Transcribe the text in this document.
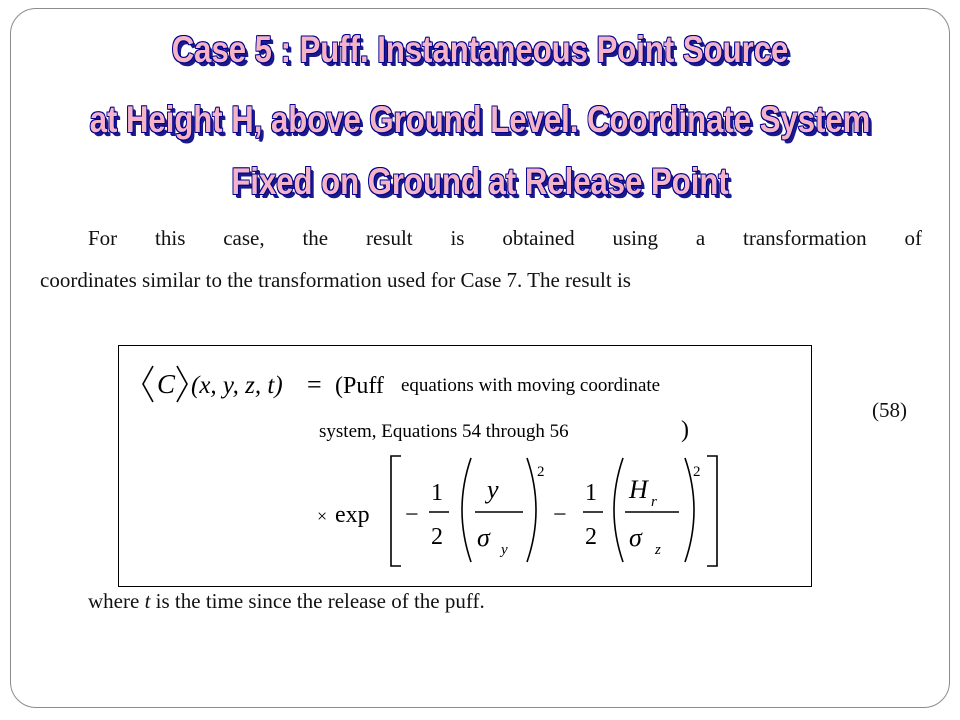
Case 5 : Puff. Instantaneous Point Source
at Height H, above Ground Level. Coordinate System
Fixed on Ground at Release Point
For this case, the result is obtained using a transformation of
coordinates similar to the transformation used for Case 7. The result is
C (x, y, z, t) = (Puff equations with moving coordinate
system, Equations 54 through 56	)
× exp −
1
2
y
σ y
2
−
1
2
H r
σ z
2
(58)
where t is the time since the release of the puff.
